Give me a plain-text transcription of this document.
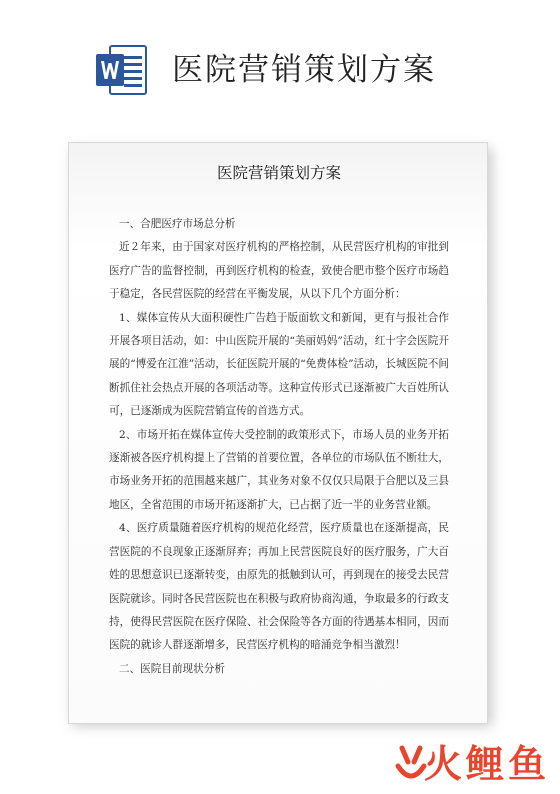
医院营销策划方案
医院营销策划方案

一、合肥医疗市场总分析

近２年来，由于国家对医疗机构的严格控制，从民营医疗机构的审批到医疗广告的监督控制，再到医疗机构的检查，致使合肥市整个医疗市场趋于稳定，各民营医院的经营在平衡发展，从以下几个方面分析：

1、媒体宣传从大面积硬性广告趋于版面软文和新闻，更有与报社合作开展各项目活动，如：中山医院开展的“美丽妈妈”活动，红十字会医院开展的“博爱在江淮”活动，长征医院开展的“免费体检”活动，长城医院不间断抓住社会热点开展的各项活动等。这种宣传形式已逐渐被广大百姓所认可，已逐渐成为医院营销宣传的首选方式。

2、市场开拓在媒体宣传大受控制的政策形式下，市场人员的业务开拓逐渐被各医疗机构提上了营销的首要位置，各单位的市场队伍不断壮大，市场业务开拓的范围越来越广，其业务对象不仅仅只局限于合肥以及三县地区，全省范围的市场开拓逐渐扩大，已占据了近一半的业务营业额。

4、医疗质量随着医疗机构的规范化经营，医疗质量也在逐渐提高，民营医院的不良现象正逐渐屏弃；再加上民营医院良好的医疗服务，广大百姓的思想意识已逐渐转变，由原先的抵触到认可，再到现在的接受去民营医院就诊。同时各民营医院也在积极与政府协商沟通，争取最多的行政支持，使得民营医院在医疗保险、社会保险等各方面的待遇基本相同，因而医院的就诊人群逐渐增多，民营医疗机构的暗涌竞争相当激烈！

二、医院目前现状分析

火鲤鱼
